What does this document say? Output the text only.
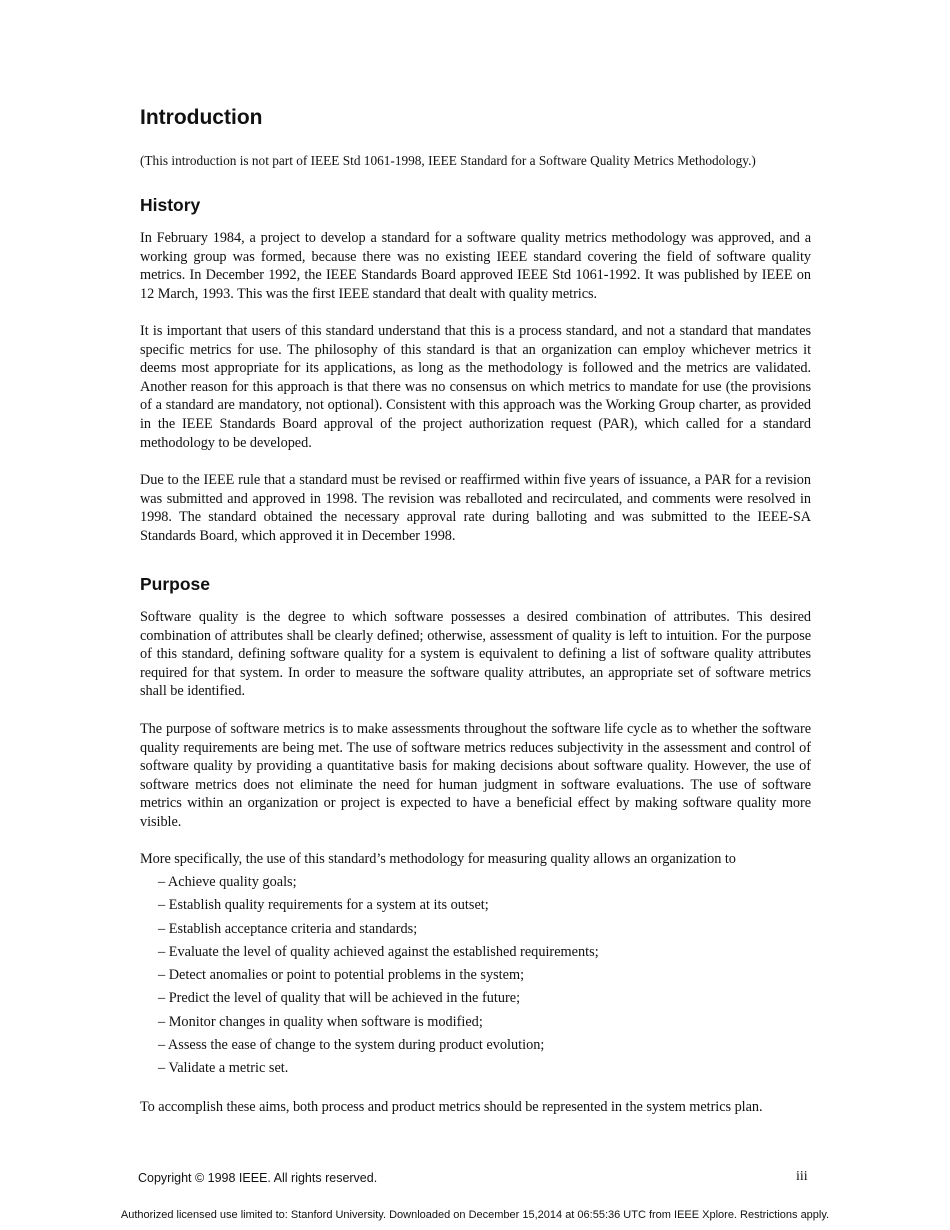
Introduction

(This introduction is not part of IEEE Std 1061-1998, IEEE Standard for a Software Quality Metrics Methodology.)

History

In February 1984, a project to develop a standard for a software quality metrics methodology was approved, and a working group was formed, because there was no existing IEEE standard covering the field of software quality metrics. In December 1992, the IEEE Standards Board approved IEEE Std 1061-1992. It was published by IEEE on 12 March, 1993. This was the first IEEE standard that dealt with quality metrics.

It is important that users of this standard understand that this is a process standard, and not a standard that mandates specific metrics for use. The philosophy of this standard is that an organization can employ whichever metrics it deems most appropriate for its applications, as long as the methodology is followed and the metrics are validated. Another reason for this approach is that there was no consensus on which metrics to mandate for use (the provisions of a standard are mandatory, not optional). Consistent with this approach was the Working Group charter, as provided in the IEEE Standards Board approval of the project authorization request (PAR), which called for a standard methodology to be developed.

Due to the IEEE rule that a standard must be revised or reaffirmed within five years of issuance, a PAR for a revision was submitted and approved in 1998. The revision was reballoted and recirculated, and comments were resolved in 1998. The standard obtained the necessary approval rate during balloting and was submitted to the IEEE-SA Standards Board, which approved it in December 1998.

Purpose

Software quality is the degree to which software possesses a desired combination of attributes. This desired combination of attributes shall be clearly defined; otherwise, assessment of quality is left to intuition. For the purpose of this standard, defining software quality for a system is equivalent to defining a list of software quality attributes required for that system. In order to measure the software quality attributes, an appropriate set of software metrics shall be identified.

The purpose of software metrics is to make assessments throughout the software life cycle as to whether the software quality requirements are being met. The use of software metrics reduces subjectivity in the assessment and control of software quality by providing a quantitative basis for making decisions about software quality. However, the use of software metrics does not eliminate the need for human judgment in software evaluations. The use of software metrics within an organization or project is expected to have a beneficial effect by making software quality more visible.

More specifically, the use of this standard’s methodology for measuring quality allows an organization to

– Achieve quality goals;
– Establish quality requirements for a system at its outset;
– Establish acceptance criteria and standards;
– Evaluate the level of quality achieved against the established requirements;
– Detect anomalies or point to potential problems in the system;
– Predict the level of quality that will be achieved in the future;
– Monitor changes in quality when software is modified;
– Assess the ease of change to the system during product evolution;
– Validate a metric set.

To accomplish these aims, both process and product metrics should be represented in the system metrics plan.

Copyright © 1998 IEEE. All rights reserved.	iii
Authorized licensed use limited to: Stanford University. Downloaded on December 15,2014 at 06:55:36 UTC from IEEE Xplore. Restrictions apply.
